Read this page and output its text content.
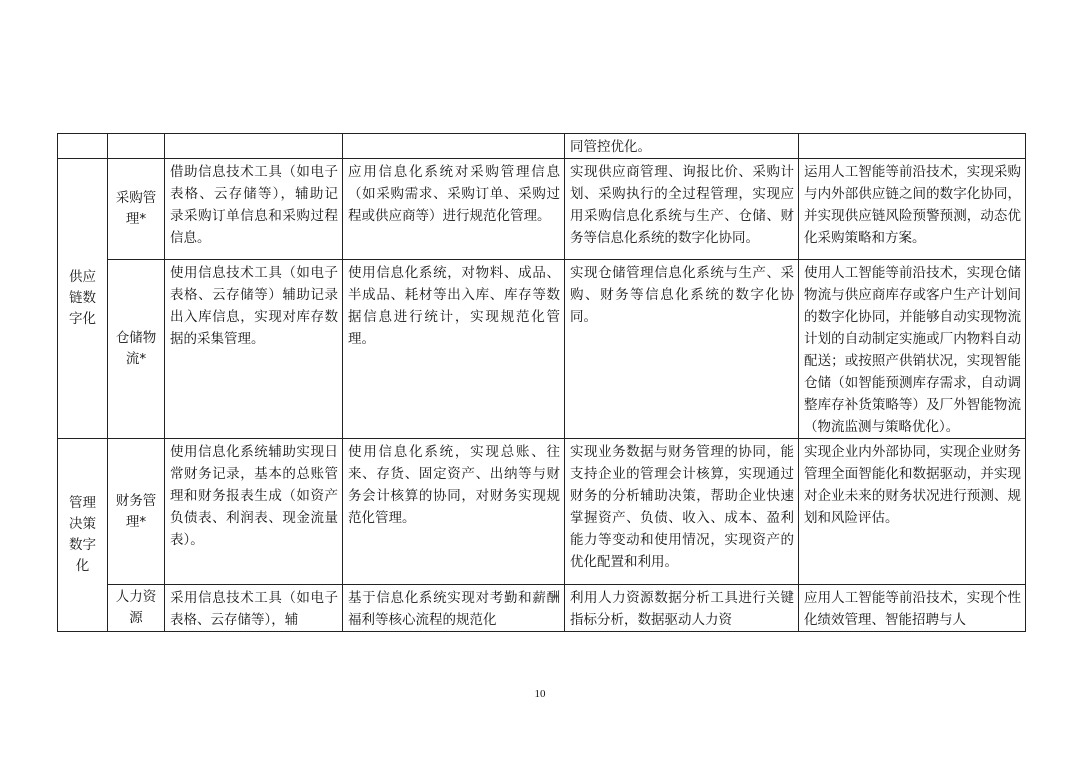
				同管控优化。	
供应链数字化	采购管理*	借助信息技术工具（如电子表格、云存储等），辅助记录采购订单信息和采购过程信息。	应用信息化系统对采购管理信息（如采购需求、采购订单、采购过程或供应商等）进行规范化管理。	实现供应商管理、询报比价、采购计划、采购执行的全过程管理，实现应用采购信息化系统与生产、仓储、财务等信息化系统的数字化协同。	运用人工智能等前沿技术，实现采购与内外部供应链之间的数字化协同，并实现供应链风险预警预测，动态优化采购策略和方案。
	仓储物流*	使用信息技术工具（如电子表格、云存储等）辅助记录出入库信息，实现对库存数据的采集管理。	使用信息化系统，对物料、成品、半成品、耗材等出入库、库存等数据信息进行统计，实现规范化管理。	实现仓储管理信息化系统与生产、采购、财务等信息化系统的数字化协同。	使用人工智能等前沿技术，实现仓储物流与供应商库存或客户生产计划间的数字化协同，并能够自动实现物流计划的自动制定实施或厂内物料自动配送；或按照产供销状况，实现智能仓储（如智能预测库存需求，自动调整库存补货策略等）及厂外智能物流（物流监测与策略优化）。
管理决策数字化	财务管理*	使用信息化系统辅助实现日常财务记录，基本的总账管理和财务报表生成（如资产负债表、利润表、现金流量表）。	使用信息化系统，实现总账、往来、存货、固定资产、出纳等与财务会计核算的协同，对财务实现规范化管理。	实现业务数据与财务管理的协同，能支持企业的管理会计核算，实现通过财务的分析辅助决策，帮助企业快速掌握资产、负债、收入、成本、盈利能力等变动和使用情况，实现资产的优化配置和利用。	实现企业内外部协同，实现企业财务管理全面智能化和数据驱动，并实现对企业未来的财务状况进行预测、规划和风险评估。
	人力资源	采用信息技术工具（如电子表格、云存储等），辅	基于信息化系统实现对考勤和薪酬福利等核心流程的规范化	利用人力资源数据分析工具进行关键指标分析，数据驱动人力资	应用人工智能等前沿技术，实现个性化绩效管理、智能招聘与人
10
